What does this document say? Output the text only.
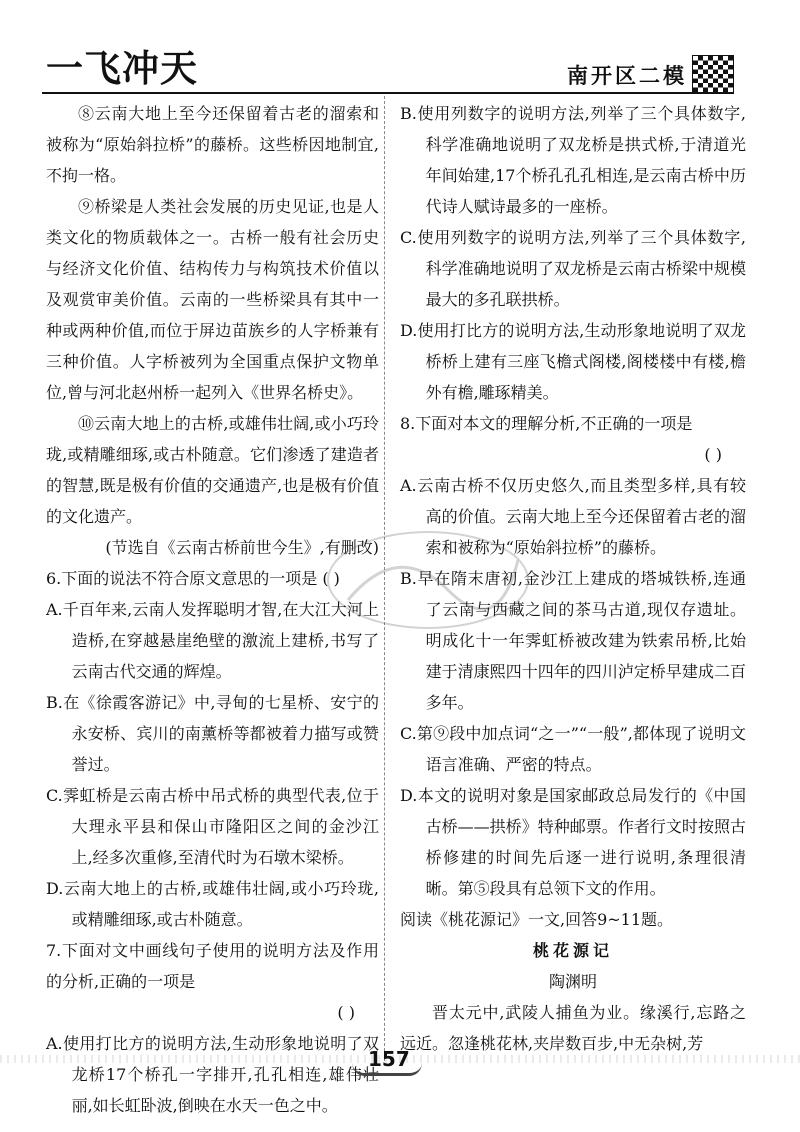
一飞冲天	南开区二模

⑧云南大地上至今还保留着古老的溜索和被称为“原始斜拉桥”的藤桥。这些桥因地制宜,不拘一格。

⑨桥梁是人类社会发展的历史见证,也是人类文化的物质载体之一。古桥一般有社会历史与经济文化价值、结构传力与构筑技术价值以及观赏审美价值。云南的一些桥梁具有其中一种或两种价值,而位于屏边苗族乡的人字桥兼有三种价值。人字桥被列为全国重点保护文物单位,曾与河北赵州桥一起列入《世界名桥史》。

⑩云南大地上的古桥,或雄伟壮阔,或小巧玲珑,或精雕细琢,或古朴随意。它们渗透了建造者的智慧,既是极有价值的交通遗产,也是极有价值的文化遗产。

(节选自《云南古桥前世今生》,有删改)

6.下面的说法不符合原文意思的一项是 ( )

A.千百年来,云南人发挥聪明才智,在大江大河上造桥,在穿越悬崖绝壁的激流上建桥,书写了云南古代交通的辉煌。

B.在《徐霞客游记》中,寻甸的七星桥、安宁的永安桥、宾川的南薰桥等都被着力描写或赞誉过。

C.霁虹桥是云南古桥中吊式桥的典型代表,位于大理永平县和保山市隆阳区之间的金沙江上,经多次重修,至清代时为石墩木梁桥。

D.云南大地上的古桥,或雄伟壮阔,或小巧玲珑,或精雕细琢,或古朴随意。

7.下面对文中画线句子使用的说明方法及作用的分析,正确的一项是

( )

A.使用打比方的说明方法,生动形象地说明了双龙桥17个桥孔一字排开,孔孔相连,雄伟壮丽,如长虹卧波,倒映在水天一色之中。

B.使用列数字的说明方法,列举了三个具体数字,科学准确地说明了双龙桥是拱式桥,于清道光年间始建,17个桥孔孔孔相连,是云南古桥中历代诗人赋诗最多的一座桥。

C.使用列数字的说明方法,列举了三个具体数字,科学准确地说明了双龙桥是云南古桥梁中规模最大的多孔联拱桥。

D.使用打比方的说明方法,生动形象地说明了双龙桥桥上建有三座飞檐式阁楼,阁楼楼中有楼,檐外有檐,雕琢精美。

8.下面对本文的理解分析,不正确的一项是

( )

A.云南古桥不仅历史悠久,而且类型多样,具有较高的价值。云南大地上至今还保留着古老的溜索和被称为“原始斜拉桥”的藤桥。

B.早在隋末唐初,金沙江上建成的塔城铁桥,连通了云南与西藏之间的茶马古道,现仅存遗址。明成化十一年霁虹桥被改建为铁索吊桥,比始建于清康熙四十四年的四川泸定桥早建成二百多年。

C.第⑨段中加点词“之一”“一般”,都体现了说明文语言准确、严密的特点。

D.本文的说明对象是国家邮政总局发行的《中国古桥——拱桥》特种邮票。作者行文时按照古桥修建的时间先后逐一进行说明,条理很清晰。第⑤段具有总领下文的作用。

阅读《桃花源记》一文,回答9~11题。

桃花源记

陶渊明

晋太元中,武陵人捕鱼为业。缘溪行,忘路之远近。忽逢桃花林,夹岸数百步,中无杂树,芳

157
